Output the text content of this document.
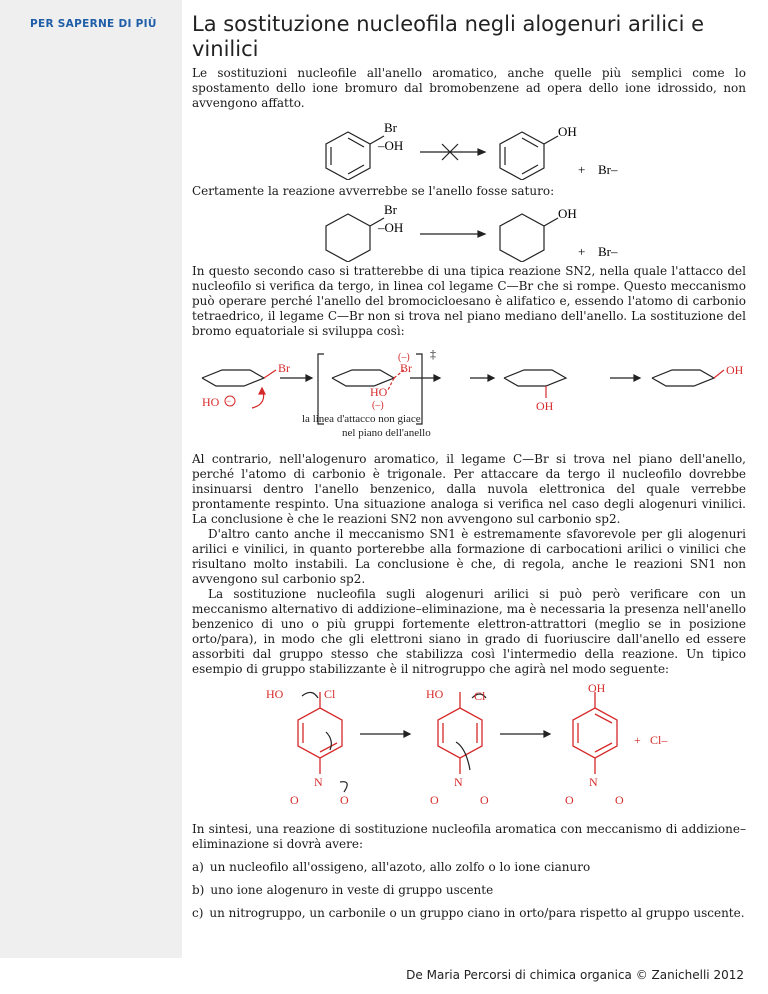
PER SAPERNE DI PIÙ La sostituzione nucleofila negli alogenuri arilici e vinilici

Le sostituzioni nucleofile all'anello aromatico, anche quelle più semplici come lo spostamento dello ione bromuro dal bromobenzene ad opera dello ione idrossido, non avvengono affatto.

Br
–OH
OH
+ Br–

Certamente la reazione avverrebbe se l'anello fosse saturo:

Br
–OH
OH
+ Br–

In questo secondo caso si tratterebbe di una tipica reazione SN2, nella quale l'attacco del nucleofilo si verifica da tergo, in linea col legame C—Br che si rompe. Questo meccanismo può operare perché l'anello del bromocicloesano è alifatico e, essendo l'atomo di carbonio tetraedrico, il legame C—Br non si trova nel piano mediano dell'anello. La sostituzione del bromo equatoriale si sviluppa così:

Br
HO −
(–)
Br
‡
HO
(–)	OH
OH
la linea d'attacco non giace
nel piano dell'anello

Al contrario, nell'alogenuro aromatico, il legame C—Br si trova nel piano dell'anello, perché l'atomo di carbonio è trigonale. Per attaccare da tergo il nucleofilo dovrebbe insinuarsi dentro l'anello benzenico, dalla nuvola elettronica del quale verrebbe prontamente respinto. Una situazione analoga si verifica nel caso degli alogenuri vinilici. La conclusione è che le reazioni SN2 non avvengono sul carbonio sp2.

D'altro canto anche il meccanismo SN1 è estremamente sfavorevole per gli alogenuri arilici e vinilici, in quanto porterebbe alla formazione di carbocationi arilici o vinilici che risultano molto instabili. La conclusione è che, di regola, anche le reazioni SN1 non avvengono sul carbonio sp2.

La sostituzione nucleofila sugli alogenuri arilici si può però verificare con un meccanismo alternativo di addizione–eliminazione, ma è necessaria la presenza nell'anello benzenico di uno o più gruppi fortemente elettron-attrattori (meglio se in posizione orto/para), in modo che gli elettroni siano in grado di fuoriuscire dall'anello ed essere assorbiti dal gruppo stesso che stabilizza così l'intermedio della reazione. Un tipico esempio di gruppo stabilizzante è il nitrogruppo che agirà nel modo seguente:

HO	Cl	HO	Cl
OH
N	N	N
O	O	O	O	O	O
+ Cl–

In sintesi, una reazione di sostituzione nucleofila aromatica con meccanismo di addizione–eliminazione si dovrà avere:

a) un nucleofilo all'ossigeno, all'azoto, allo zolfo o lo ione cianuro
b) uno ione alogenuro in veste di gruppo uscente
c) un nitrogruppo, un carbonile o un gruppo ciano in orto/para rispetto al gruppo uscente.
De Maria Percorsi di chimica organica © Zanichelli 2012
